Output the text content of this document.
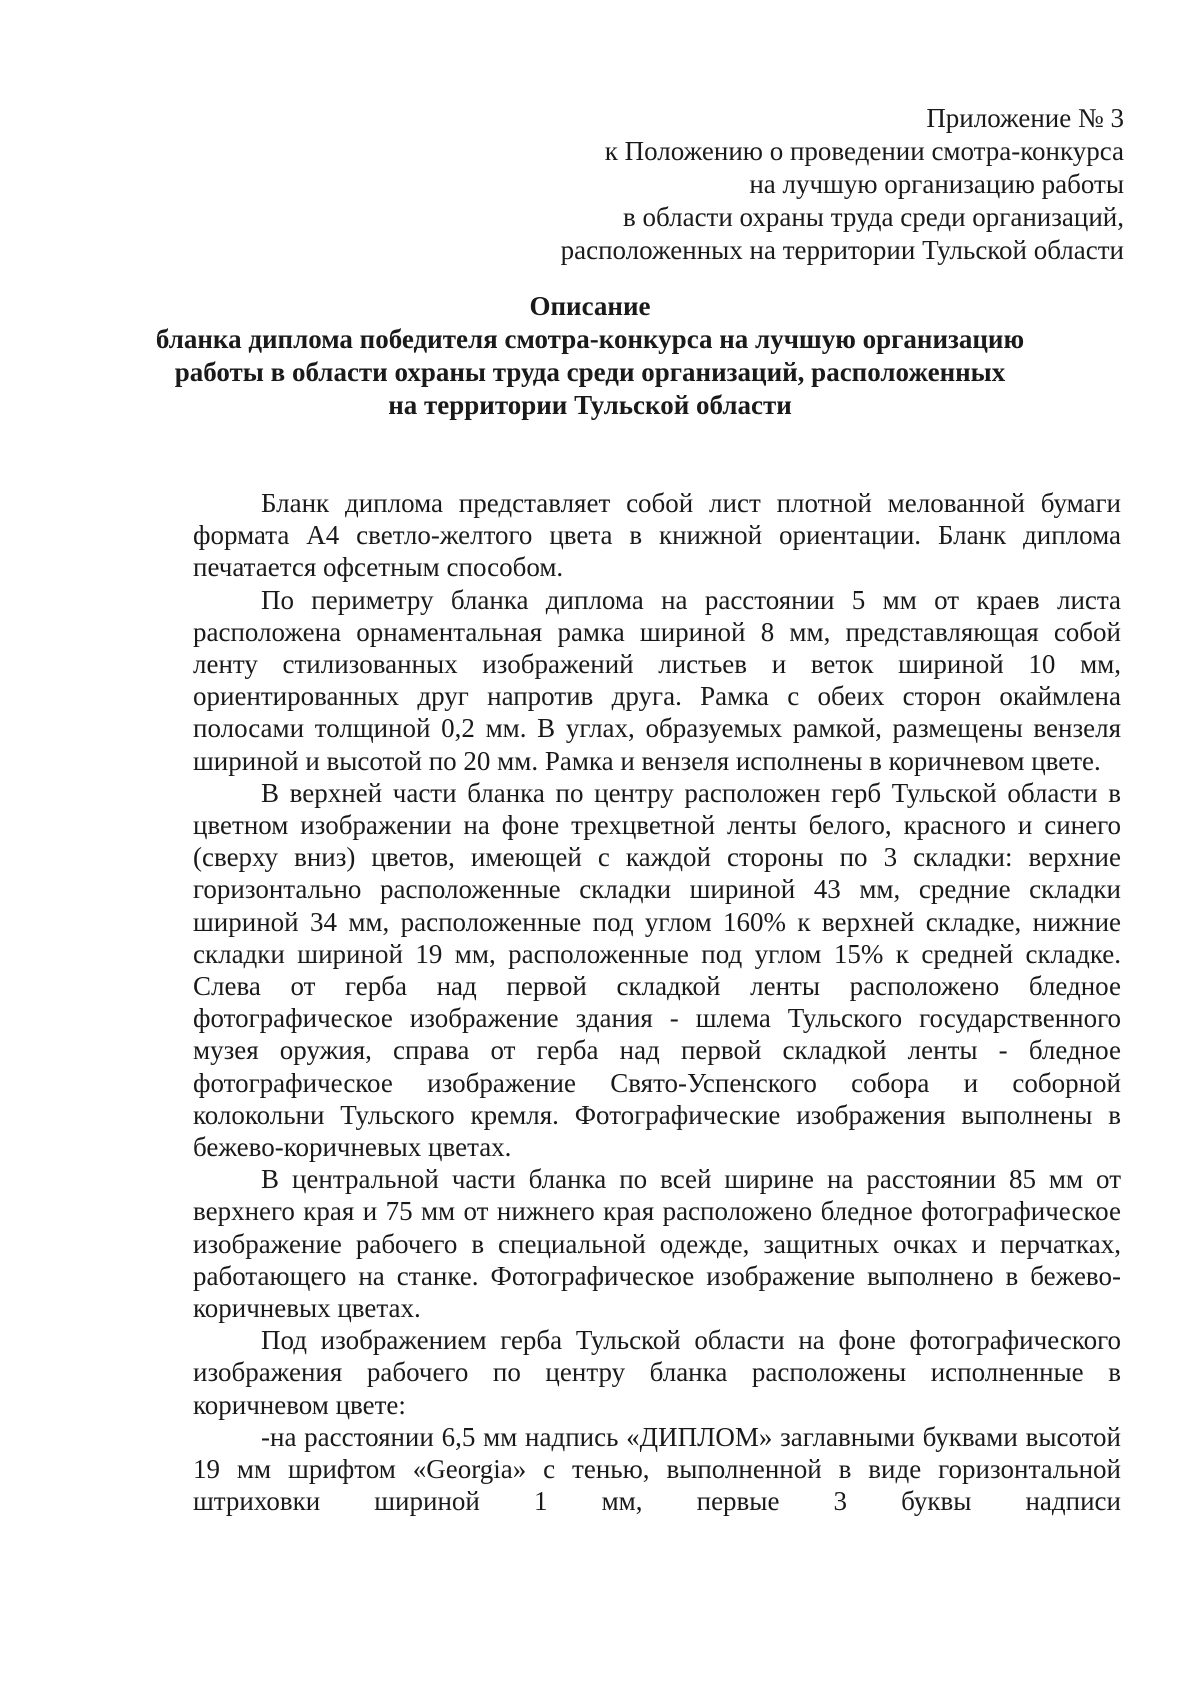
Приложение № 3
к Положению о проведении смотра-конкурса
на лучшую организацию работы
в области охраны труда среди организаций,
расположенных на территории Тульской области
Описание
бланка диплома победителя смотра-конкурса на лучшую организацию
работы в области охраны труда среди организаций, расположенных
на территории Тульской области

Бланк диплома представляет собой лист плотной мелованной бумаги формата А4 светло-желтого цвета в книжной ориентации. Бланк диплома печатается офсетным способом.

По периметру бланка диплома на расстоянии 5 мм от краев листа расположена орнаментальная рамка шириной 8 мм, представляющая собой ленту стилизованных изображений листьев и веток шириной 10 мм, ориентированных друг напротив друга. Рамка с обеих сторон окаймлена полосами толщиной 0,2 мм. В углах, образуемых рамкой, размещены вензеля шириной и высотой по 20 мм. Рамка и вензеля исполнены в коричневом цвете.

В верхней части бланка по центру расположен герб Тульской области в цветном изображении на фоне трехцветной ленты белого, красного и синего (сверху вниз) цветов, имеющей с каждой стороны по 3 складки: верхние горизонтально расположенные складки шириной 43 мм, средние складки шириной 34 мм, расположенные под углом 160% к верхней складке, нижние складки шириной 19 мм, расположенные под углом 15% к средней складке. Слева от герба над первой складкой ленты расположено бледное фотографическое изображение здания - шлема Тульского государственного музея оружия, справа от герба над первой складкой ленты - бледное фотографическое изображение Свято-Успенского собора и соборной колокольни Тульского кремля. Фотографические изображения выполнены в бежево-коричневых цветах.

В центральной части бланка по всей ширине на расстоянии 85 мм от верхнего края и 75 мм от нижнего края расположено бледное фотографическое изображение рабочего в специальной одежде, защитных очках и перчатках, работающего на станке. Фотографическое изображение выполнено в бежево-коричневых цветах.

Под изображением герба Тульской области на фоне фотографического изображения рабочего по центру бланка расположены исполненные в коричневом цвете:

-на расстоянии 6,5 мм надпись «ДИПЛОМ» заглавными буквами высотой 19 мм шрифтом «Georgia» с тенью, выполненной в виде горизонтальной штриховки шириной 1 мм, первые 3 буквы надписи
